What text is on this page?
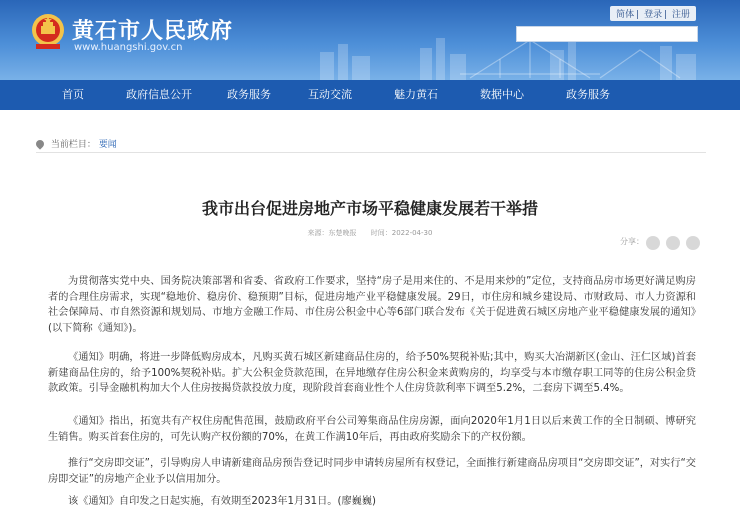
黄石市人民政府
www.huangshi.gov.cn
简体 | 登录 | 注册
首页	政府信息公开	政务服务	互动交流	魅力黄石	数据中心	政务服务
当前栏目： 要闻
我市出台促进房地产市场平稳健康发展若干举措
来源：东楚晚报 时间：2022-04-30
分享：
为贯彻落实党中央、国务院决策部署和省委、省政府工作要求，坚持“房子是用来住的、不是用来炒的”定位，支持商品房市场更好满足购房者的合理住房需求，实现“稳地价、稳房价、稳预期”目标，促进房地产业平稳健康发展。29日，市住房和城乡建设局、市财政局、市人力资源和社会保障局、市自然资源和规划局、市地方金融工作局、市住房公积金中心等6部门联合发布《关于促进黄石城区房地产业平稳健康发展的通知》(以下简称《通知》)。
《通知》明确，将进一步降低购房成本，凡购买黄石城区新建商品住房的，给予50%契税补贴;其中，购买大冶湖新区(金山、汪仁区域)首套新建商品住房的，给予100%契税补贴。扩大公积金贷款范围，在异地缴存住房公积金来黄购房的，均享受与本市缴存职工同等的住房公积金贷款政策。引导金融机构加大个人住房按揭贷款投放力度，现阶段首套商业性个人住房贷款利率下调至5.2%，二套房下调至5.4%。
《通知》指出，拓宽共有产权住房配售范围，鼓励政府平台公司筹集商品住房房源，面向2020年1月1日以后来黄工作的全日制硕、博研究生销售。购买首套住房的，可先认购产权份额的70%，在黄工作满10年后，再由政府奖励余下的产权份额。
推行“交房即交证”，引导购房人申请新建商品房预告登记时同步申请转房屋所有权登记，全面推行新建商品房项目“交房即交证”，对实行“交房即交证”的房地产企业予以信用加分。
该《通知》自印发之日起实施，有效期至2023年1月31日。(廖巍巍)
